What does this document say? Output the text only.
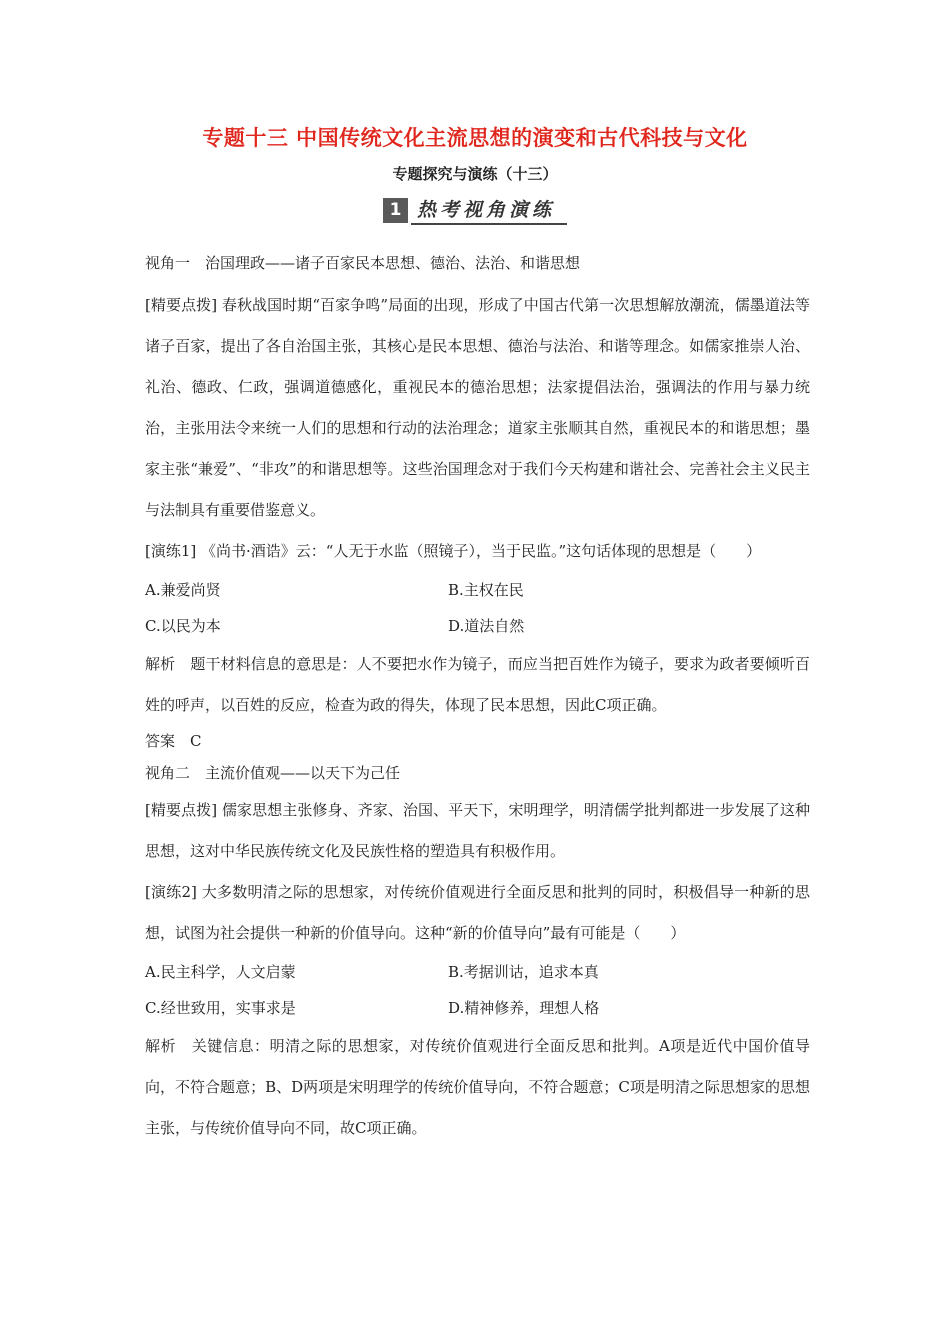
专题十三 中国传统文化主流思想的演变和古代科技与文化
专题探究与演练（十三）
1 热考视角演练

视角一　治国理政——诸子百家民本思想、德治、法治、和谐思想

[精要点拨] 春秋战国时期“百家争鸣”局面的出现，形成了中国古代第一次思想解放潮流，儒墨道法等诸子百家，提出了各自治国主张，其核心是民本思想、德治与法治、和谐等理念。如儒家推崇人治、礼治、德政、仁政，强调道德感化，重视民本的德治思想；法家提倡法治，强调法的作用与暴力统治，主张用法令来统一人们的思想和行动的法治理念；道家主张顺其自然，重视民本的和谐思想；墨家主张“兼爱”、“非攻”的和谐思想等。这些治国理念对于我们今天构建和谐社会、完善社会主义民主与法制具有重要借鉴意义。

[演练1] 《尚书·酒诰》云：“人无于水监（照镜子），当于民监。”这句话体现的思想是（　　）

A.兼爱尚贤	B.主权在民
C.以民为本	D.道法自然

解析　题干材料信息的意思是：人不要把水作为镜子，而应当把百姓作为镜子，要求为政者要倾听百姓的呼声，以百姓的反应，检查为政的得失，体现了民本思想，因此C项正确。

答案　C

视角二　主流价值观——以天下为己任

[精要点拨] 儒家思想主张修身、齐家、治国、平天下，宋明理学，明清儒学批判都进一步发展了这种思想，这对中华民族传统文化及民族性格的塑造具有积极作用。

[演练2] 大多数明清之际的思想家，对传统价值观进行全面反思和批判的同时，积极倡导一种新的思想，试图为社会提供一种新的价值导向。这种“新的价值导向”最有可能是（　　）

A.民主科学，人文启蒙	B.考据训诂，追求本真
C.经世致用，实事求是	D.精神修养，理想人格

解析　关键信息：明清之际的思想家，对传统价值观进行全面反思和批判。A项是近代中国价值导向，不符合题意；B、D两项是宋明理学的传统价值导向，不符合题意；C项是明清之际思想家的思想主张，与传统价值导向不同，故C项正确。
